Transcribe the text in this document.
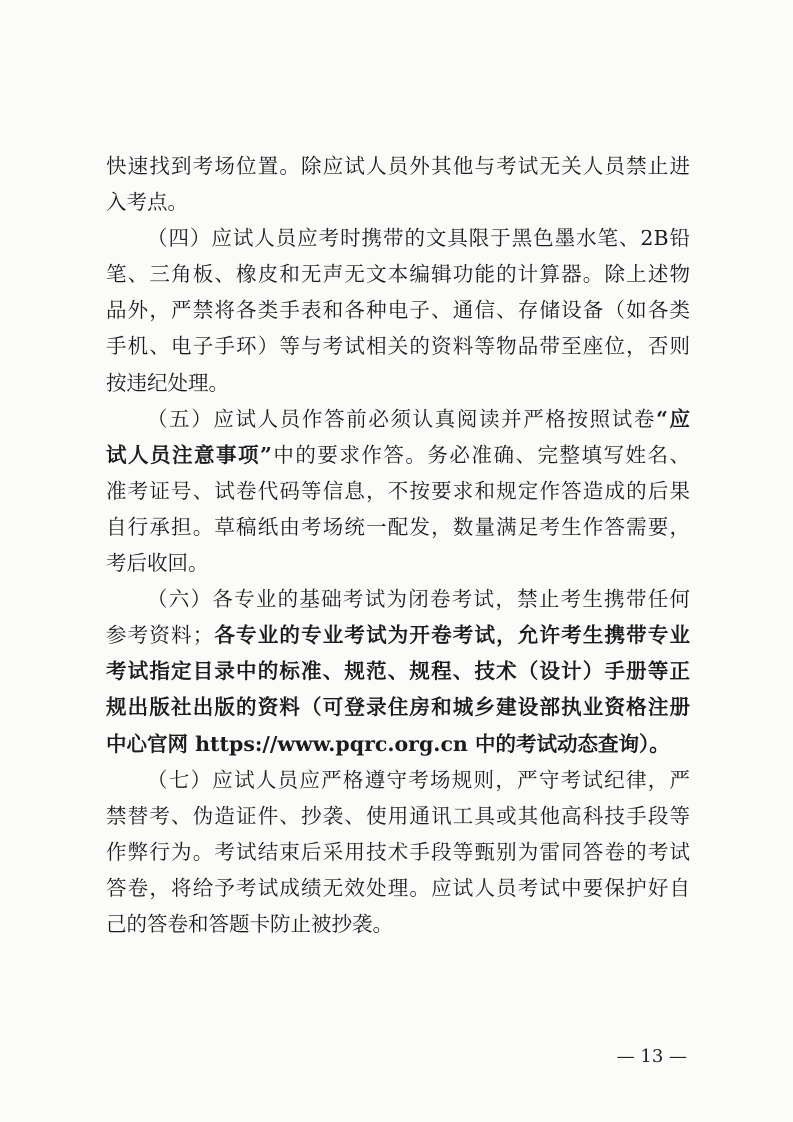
快速找到考场位置。除应试人员外其他与考试无关人员禁止进
入考点。
（四）应试人员应考时携带的文具限于黑色墨水笔、2B铅
笔、三角板、橡皮和无声无文本编辑功能的计算器。除上述物
品外，严禁将各类手表和各种电子、通信、存储设备（如各类
手机、电子手环）等与考试相关的资料等物品带至座位，否则
按违纪处理。
（五）应试人员作答前必须认真阅读并严格按照试卷“应
试人员注意事项”中的要求作答。务必准确、完整填写姓名、
准考证号、试卷代码等信息，不按要求和规定作答造成的后果
自行承担。草稿纸由考场统一配发，数量满足考生作答需要，
考后收回。
（六）各专业的基础考试为闭卷考试，禁止考生携带任何
参考资料；各专业的专业考试为开卷考试，允许考生携带专业
考试指定目录中的标准、规范、规程、技术（设计）手册等正
规出版社出版的资料（可登录住房和城乡建设部执业资格注册
中心官网 https://www.pqrc.org.cn 中的考试动态查询）。
（七）应试人员应严格遵守考场规则，严守考试纪律，严
禁替考、伪造证件、抄袭、使用通讯工具或其他高科技手段等
作弊行为。考试结束后采用技术手段等甄别为雷同答卷的考试
答卷，将给予考试成绩无效处理。应试人员考试中要保护好自
己的答卷和答题卡防止被抄袭。
— 13 —
